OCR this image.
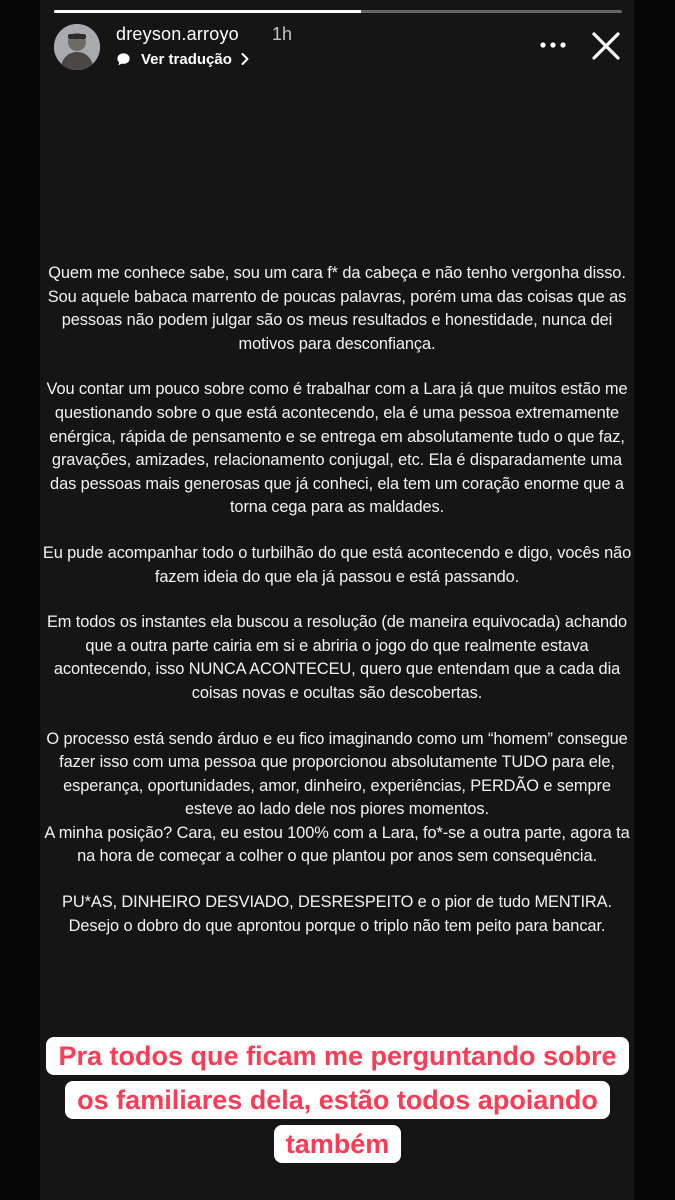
dreyson.arroyo 1h
Ver tradução

Quem me conhece sabe, sou um cara f* da cabeça e não tenho vergonha disso. Sou aquele babaca marrento de poucas palavras, porém uma das coisas que as pessoas não podem julgar são os meus resultados e honestidade, nunca dei motivos para desconfiança.

Vou contar um pouco sobre como é trabalhar com a Lara já que muitos estão me questionando sobre o que está acontecendo, ela é uma pessoa extremamente enérgica, rápida de pensamento e se entrega em absolutamente tudo o que faz, gravações, amizades, relacionamento conjugal, etc. Ela é disparadamente uma das pessoas mais generosas que já conheci, ela tem um coração enorme que a torna cega para as maldades.

Eu pude acompanhar todo o turbilhão do que está acontecendo e digo, vocês não fazem ideia do que ela já passou e está passando.

Em todos os instantes ela buscou a resolução (de maneira equivocada) achando que a outra parte cairia em si e abriria o jogo do que realmente estava acontecendo, isso NUNCA ACONTECEU, quero que entendam que a cada dia coisas novas e ocultas são descobertas.

O processo está sendo árduo e eu fico imaginando como um “homem” consegue fazer isso com uma pessoa que proporcionou absolutamente TUDO para ele, esperança, oportunidades, amor, dinheiro, experiências, PERDÃO e sempre esteve ao lado dele nos piores momentos.

A minha posição? Cara, eu estou 100% com a Lara, fo*-se a outra parte, agora ta na hora de começar a colher o que plantou por anos sem consequência.

PU*AS, DINHEIRO DESVIADO, DESRESPEITO e o pior de tudo MENTIRA. Desejo o dobro do que aprontou porque o triplo não tem peito para bancar.

Pra todos que ficam me perguntando sobre
os familiares dela, estão todos apoiando
também
